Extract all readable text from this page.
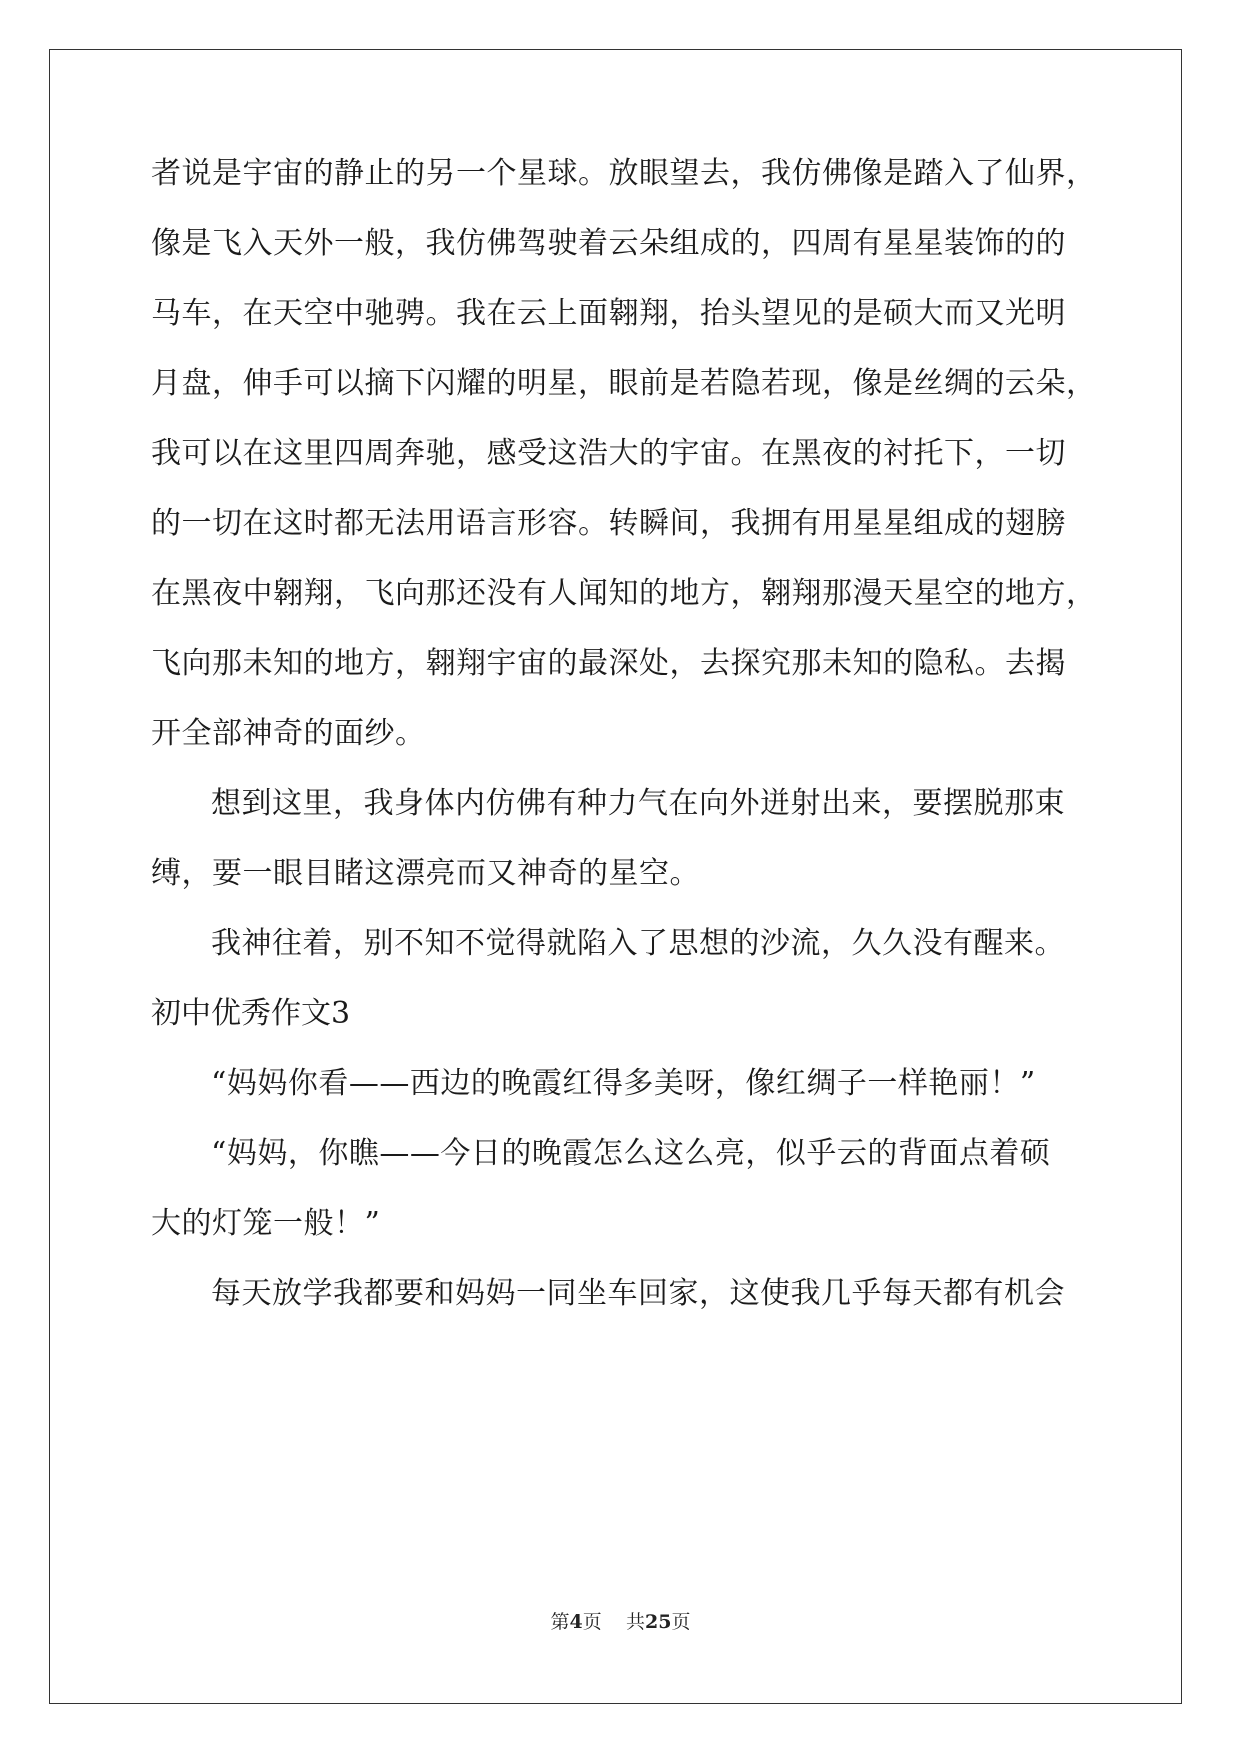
者说是宇宙的静止的另一个星球。放眼望去，我仿佛像是踏入了仙界，
像是飞入天外一般，我仿佛驾驶着云朵组成的，四周有星星装饰的的
马车，在天空中驰骋。我在云上面翱翔，抬头望见的是硕大而又光明
月盘，伸手可以摘下闪耀的明星，眼前是若隐若现，像是丝绸的云朵，
我可以在这里四周奔驰，感受这浩大的宇宙。在黑夜的衬托下，一切
的一切在这时都无法用语言形容。转瞬间，我拥有用星星组成的翅膀
在黑夜中翱翔，飞向那还没有人闻知的地方，翱翔那漫天星空的地方，
飞向那未知的地方，翱翔宇宙的最深处，去探究那未知的隐私。去揭
开全部神奇的面纱。
想到这里，我身体内仿佛有种力气在向外迸射出来，要摆脱那束
缚，要一眼目睹这漂亮而又神奇的星空。
我神往着，别不知不觉得就陷入了思想的沙流，久久没有醒来。
初中优秀作文3
“妈妈你看——西边的晚霞红得多美呀，像红绸子一样艳丽！”
“妈妈，你瞧——今日的晚霞怎么这么亮，似乎云的背面点着硕
大的灯笼一般！”
每天放学我都要和妈妈一同坐车回家，这使我几乎每天都有机会
第4页 共25页
